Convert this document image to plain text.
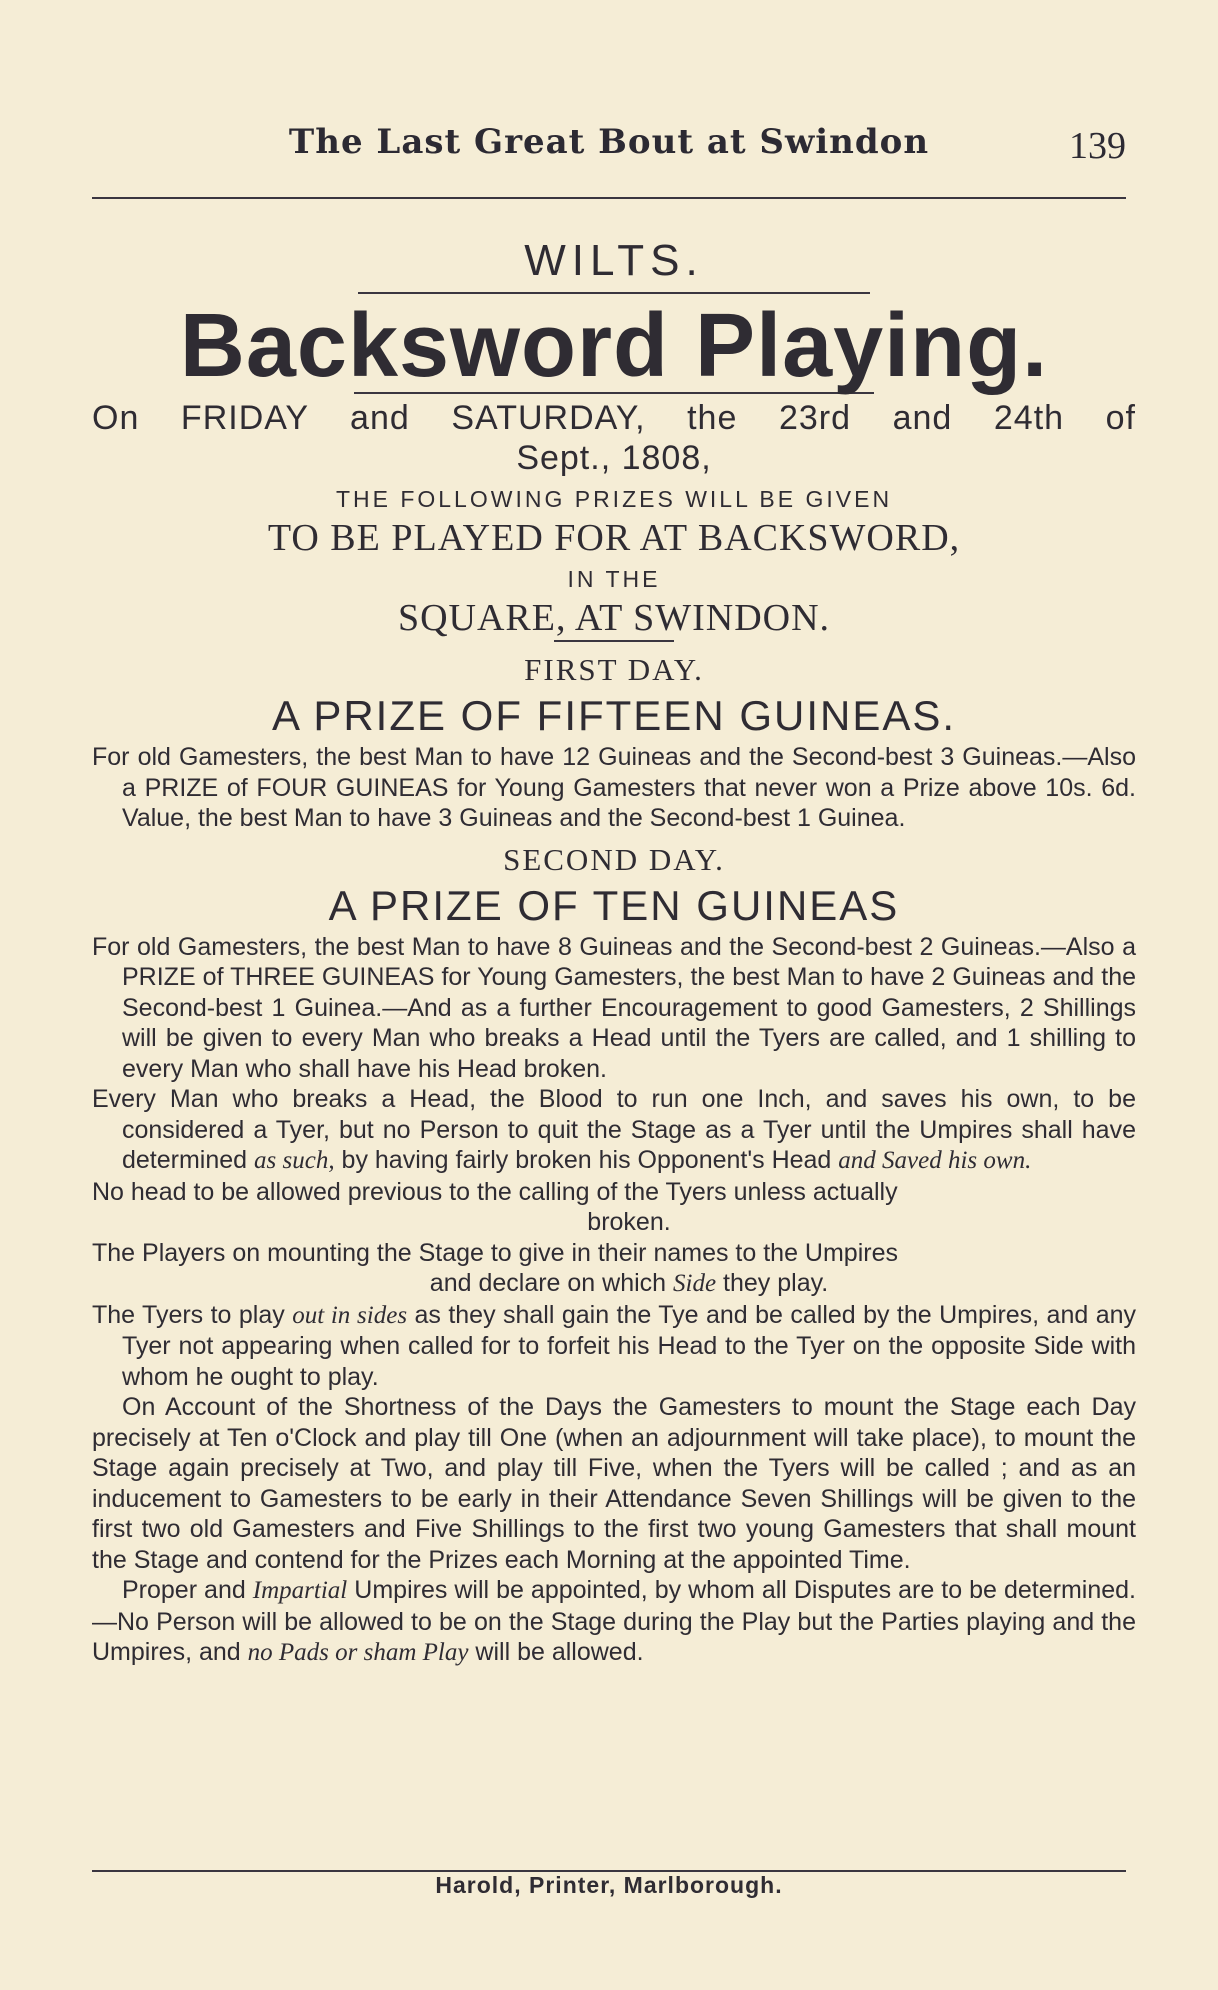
The Last Great Bout at Swindon	139
WILTS.
Backsword Playing.
On FRIDAY and SATURDAY, the 23rd and 24th of
Sept., 1808,
THE FOLLOWING PRIZES WILL BE GIVEN
TO BE PLAYED FOR AT BACKSWORD,
IN THE
SQUARE, AT SWINDON.
FIRST DAY.
A PRIZE OF FIFTEEN GUINEAS.

For old Gamesters, the best Man to have 12 Guineas and the Second-best 3 Guineas.—Also a PRIZE of FOUR GUINEAS for Young Gamesters that never won a Prize above 10s. 6d. Value, the best Man to have 3 Guineas and the Second-best 1 Guinea.

SECOND DAY.
A PRIZE OF TEN GUINEAS

For old Gamesters, the best Man to have 8 Guineas and the Second-best 2 Guineas.—Also a PRIZE of THREE GUINEAS for Young Gamesters, the best Man to have 2 Guineas and the Second-best 1 Guinea.—And as a further Encouragement to good Gamesters, 2 Shillings will be given to every Man who breaks a Head until the Tyers are called, and 1 shilling to every Man who shall have his Head broken.

Every Man who breaks a Head, the Blood to run one Inch, and saves his own, to be considered a Tyer, but no Person to quit the Stage as a Tyer until the Umpires shall have determined as such, by having fairly broken his Opponent's Head and Saved his own.

No head to be allowed previous to the calling of the Tyers unless actually
broken.

The Players on mounting the Stage to give in their names to the Umpires
and declare on which Side they play.

The Tyers to play out in sides as they shall gain the Tye and be called by the Umpires, and any Tyer not appearing when called for to forfeit his Head to the Tyer on the opposite Side with whom he ought to play.

On Account of the Shortness of the Days the Gamesters to mount the Stage each Day precisely at Ten o'Clock and play till One (when an adjournment will take place), to mount the Stage again precisely at Two, and play till Five, when the Tyers will be called ; and as an inducement to Gamesters to be early in their Attendance Seven Shillings will be given to the first two old Gamesters and Five Shillings to the first two young Gamesters that shall mount the Stage and contend for the Prizes each Morning at the appointed Time.

Proper and Impartial Umpires will be appointed, by whom all Disputes are to be determined.—No Person will be allowed to be on the Stage during the Play but the Parties playing and the Umpires, and no Pads or sham Play will be allowed.

Harold, Printer, Marlborough.
